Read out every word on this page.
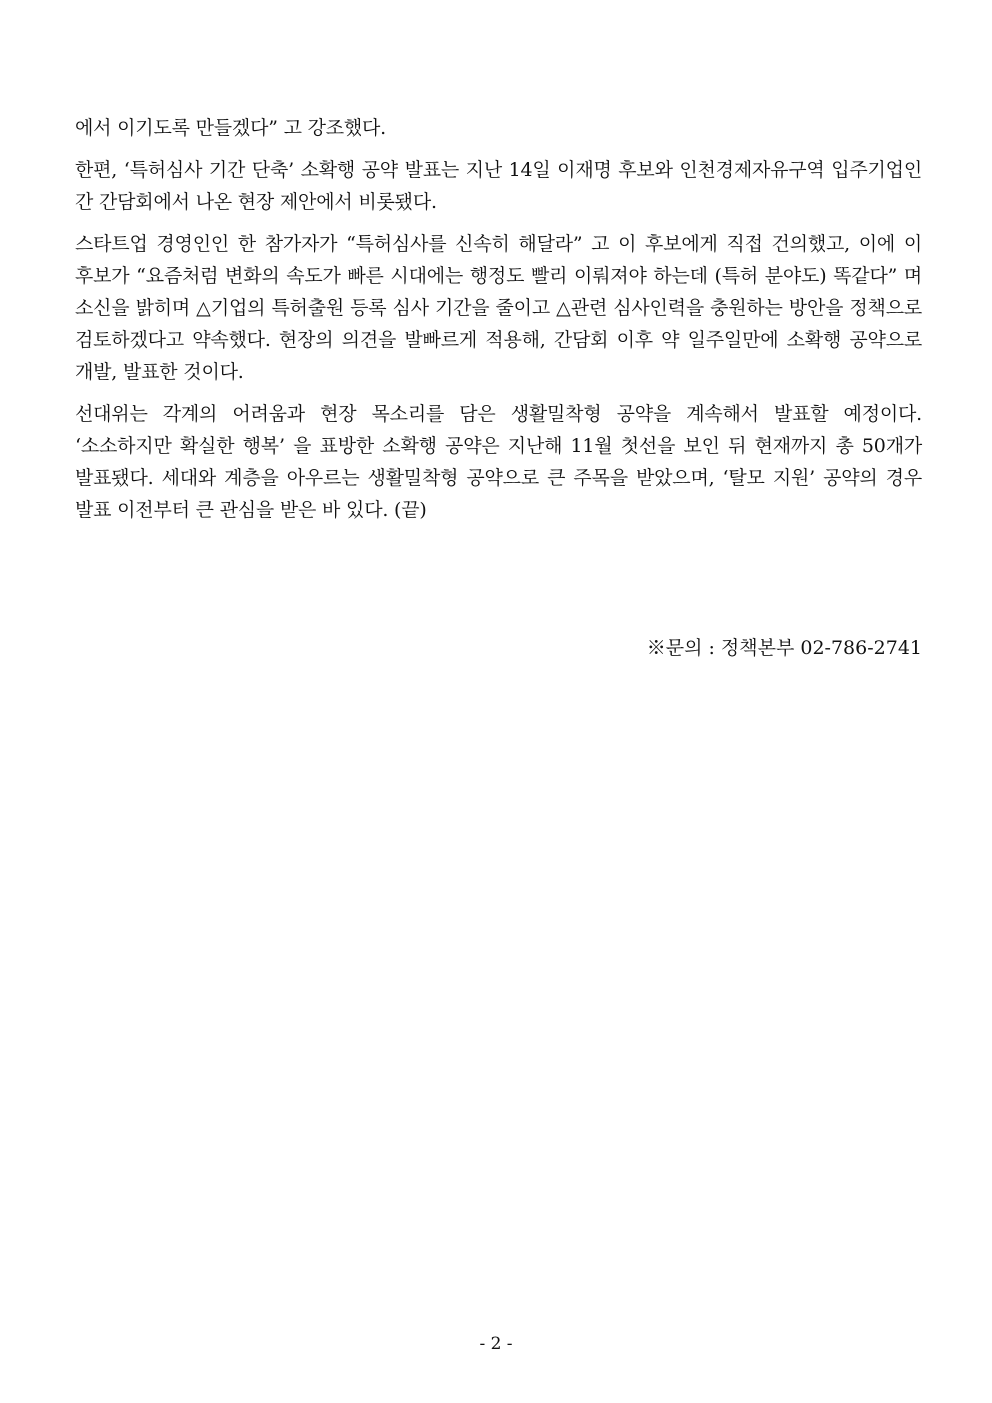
에서 이기도록 만들겠다” 고 강조했다.

한편, ‘특허심사 기간 단축’ 소확행 공약 발표는 지난 14일 이재명 후보와 인천경제자유구역 입주기업인 간 간담회에서 나온 현장 제안에서 비롯됐다.

스타트업 경영인인 한 참가자가 “특허심사를 신속히 해달라” 고 이 후보에게 직접 건의했고, 이에 이 후보가 “요즘처럼 변화의 속도가 빠른 시대에는 행정도 빨리 이뤄져야 하는데 (특허 분야도) 똑같다” 며 소신을 밝히며 △기업의 특허출원 등록 심사 기간을 줄이고 △관련 심사인력을 충원하는 방안을 정책으로 검토하겠다고 약속했다. 현장의 의견을 발빠르게 적용해, 간담회 이후 약 일주일만에 소확행 공약으로 개발, 발표한 것이다.

선대위는 각계의 어려움과 현장 목소리를 담은 생활밀착형 공약을 계속해서 발표할 예정이다. ‘소소하지만 확실한 행복’ 을 표방한 소확행 공약은 지난해 11월 첫선을 보인 뒤 현재까지 총 50개가 발표됐다. 세대와 계층을 아우르는 생활밀착형 공약으로 큰 주목을 받았으며, ‘탈모 지원’ 공약의 경우 발표 이전부터 큰 관심을 받은 바 있다. (끝)

※문의 : 정책본부 02-786-2741
- 2 -
